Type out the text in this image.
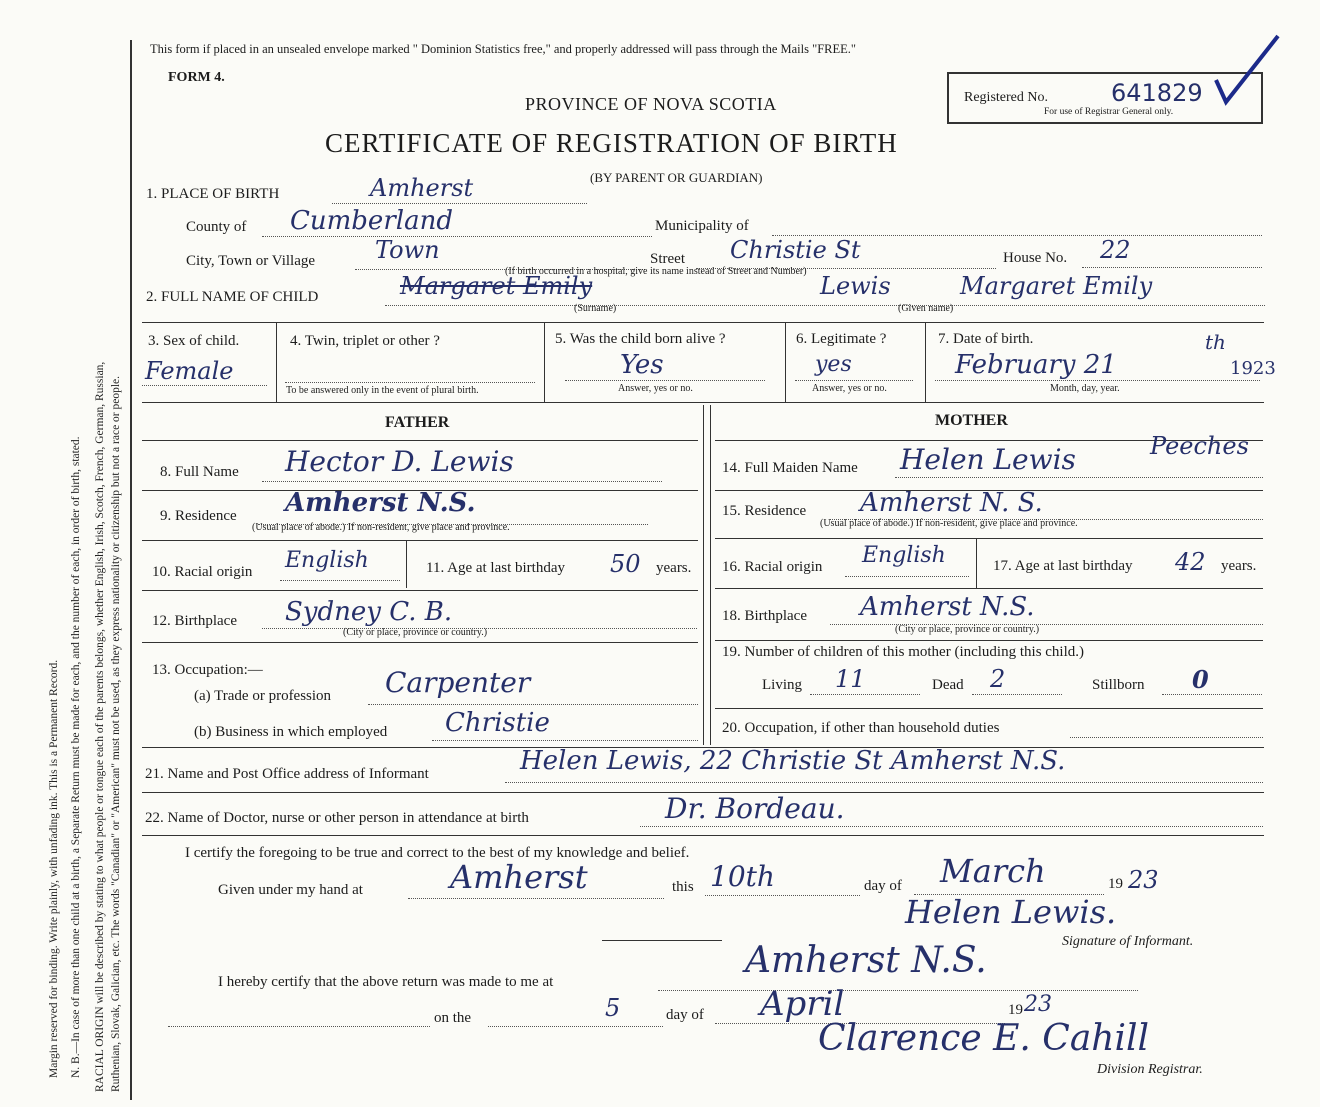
Margin reserved for binding. Write plainly, with unfading ink. This is a Permanent Record. N. B.—In case of more than one child at a birth, a Separate Return must be made for each, and the number of each, in order of birth, stated. RACIAL ORIGIN will be described by stating to what people or tongue each of the parents belongs, whether English, Irish, Scotch, French, German, Russian, Ruthenian, Slovak, Galician, etc. The words "Canadian" or "American" must not be used, as they express nationality or citizenship but not a race or people.
This form if placed in an unsealed envelope marked " Dominion Statistics free," and properly addressed will pass through the Mails "FREE."
FORM 4.
PROVINCE OF NOVA SCOTIA
CERTIFICATE OF REGISTRATION OF BIRTH
(BY PARENT OR GUARDIAN)
Registered No.	641829
For use of Registrar General only.
1. PLACE OF BIRTH	Amherst
County of Cumberland	Municipality of
City, Town or Village Town	Street Christie St	House No. 22
(If birth occurred in a hospital, give its name instead of Street and Number)
2. FULL NAME OF CHILD	Margaret Emily	Lewis	Margaret Emily
(Surname)	(Given name)
3. Sex of child.
Female
4. Twin, triplet or other ?
To be answered only in the event of plural birth.
5. Was the child born alive ?
Yes
Answer, yes or no.
6. Legitimate ?
yes
Answer, yes or no.
7. Date of birth.
February 21
th
1923
Month, day, year.
FATHER	MOTHER
8. Full Name Hector D. Lewis
9. Residence Amherst N.S.
(Usual place of abode.) If non-resident, give place and province.
10. Racial origin English	11. Age at last birthday 50 years.
12. Birthplace Sydney C. B.
(City or place, province or country.)
13. Occupation:—
(a) Trade or profession Carpenter
(b) Business in which employed Christie
14. Full Maiden Name Helen Lewis	Peeches
15. Residence Amherst N. S.
(Usual place of abode.) If non-resident, give place and province.
16. Racial origin English	17. Age at last birthday 42 years.
18. Birthplace Amherst N.S.
(City or place, province or country.)
19. Number of children of this mother (including this child.)
Living 11	Dead 2	Stillborn 0
20. Occupation, if other than household duties
21. Name and Post Office address of Informant	Helen Lewis, 22 Christie St Amherst N.S.
22. Name of Doctor, nurse or other person in attendance at birth	Dr. Bordeau.
I certify the foregoing to be true and correct to the best of my knowledge and belief.
Given under my hand at	Amherst	this 10th	day of March	19 23
Helen Lewis.
Signature of Informant.
I hereby certify that the above return was made to me at
Amherst N.S.
on the	5	day of April	19 23
Clarence E. Cahill
Division Registrar.
